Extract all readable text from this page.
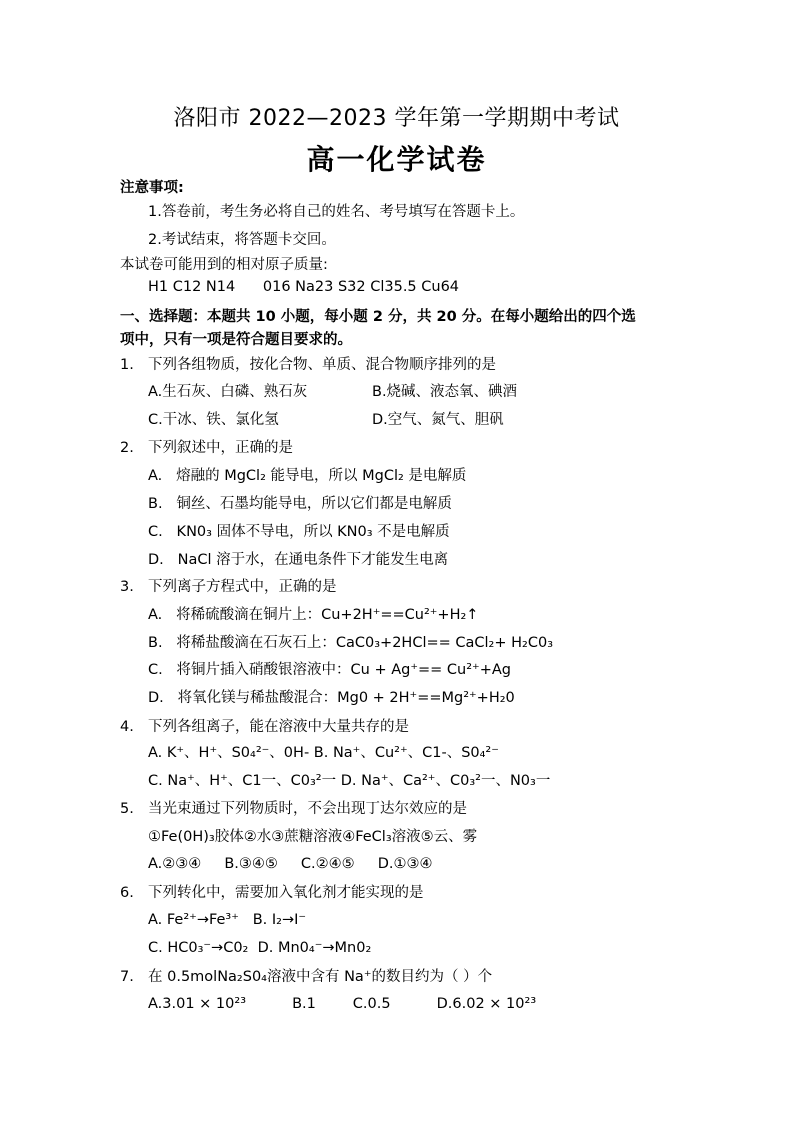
洛阳市 2022—2023 学年第一学期期中考试
高一化学试卷
注意事项:
1.答卷前，考生务必将自己的姓名、考号填写在答题卡上。
2.考试结束，将答题卡交回。
本试卷可能用到的相对原子质量:
H1 C12 N14      016 Na23 S32 Cl35.5 Cu64
一、选择题：本题共 10 小题，每小题 2 分，共 20 分。在每小题给出的四个选
项中，只有一项是符合题目要求的。
1. 下列各组物质，按化合物、单质、混合物顺序排列的是
A.生石灰、白磷、熟石灰	B.烧碱、液态氧、碘酒
C.干冰、铁、氯化氢	D.空气、氮气、胆矾
2. 下列叙述中，正确的是
A.   熔融的 MgCl₂ 能导电，所以 MgCl₂ 是电解质
B.   铜丝、石墨均能导电，所以它们都是电解质
C.   KN0₃ 固体不导电，所以 KN0₃ 不是电解质
D.   NaCl 溶于水，在通电条件下才能发生电离
3. 下列离子方程式中，正确的是
A.   将稀硫酸滴在铜片上：Cu+2H⁺==Cu²⁺+H₂↑
B.   将稀盐酸滴在石灰石上：CaC0₃+2HCl== CaCl₂+ H₂C0₃
C.   将铜片插入硝酸银溶液中：Cu + Ag⁺== Cu²⁺+Ag
D.   将氧化镁与稀盐酸混合：Mg0 + 2H⁺==Mg²⁺+H₂0
4. 下列各组离子，能在溶液中大量共存的是
A. K⁺、H⁺、S0₄²⁻、0H- B. Na⁺、Cu²⁺、C1-、S0₄²⁻
C. Na⁺、H⁺、C1一、C0₃²一 D. Na⁺、Ca²⁺、C0₃²一、N0₃一
5. 当光束通过下列物质时，不会出现丁达尔效应的是
①Fe(0H)₃胶体②水③蔗糖溶液④FeCl₃溶液⑤云、雾
A.②③④     B.③④⑤     C.②④⑤     D.①③④
6. 下列转化中，需要加入氧化剂才能实现的是
A. Fe²⁺→Fe³⁺   B. I₂→I⁻
C. HC0₃⁻→C0₂  D. Mn0₄⁻→Mn0₂
7. 在 0.5molNa₂S0₄溶液中含有 Na⁺的数目约为（ ）个
A.3.01 × 10²³          B.1        C.0.5          D.6.02 × 10²³
